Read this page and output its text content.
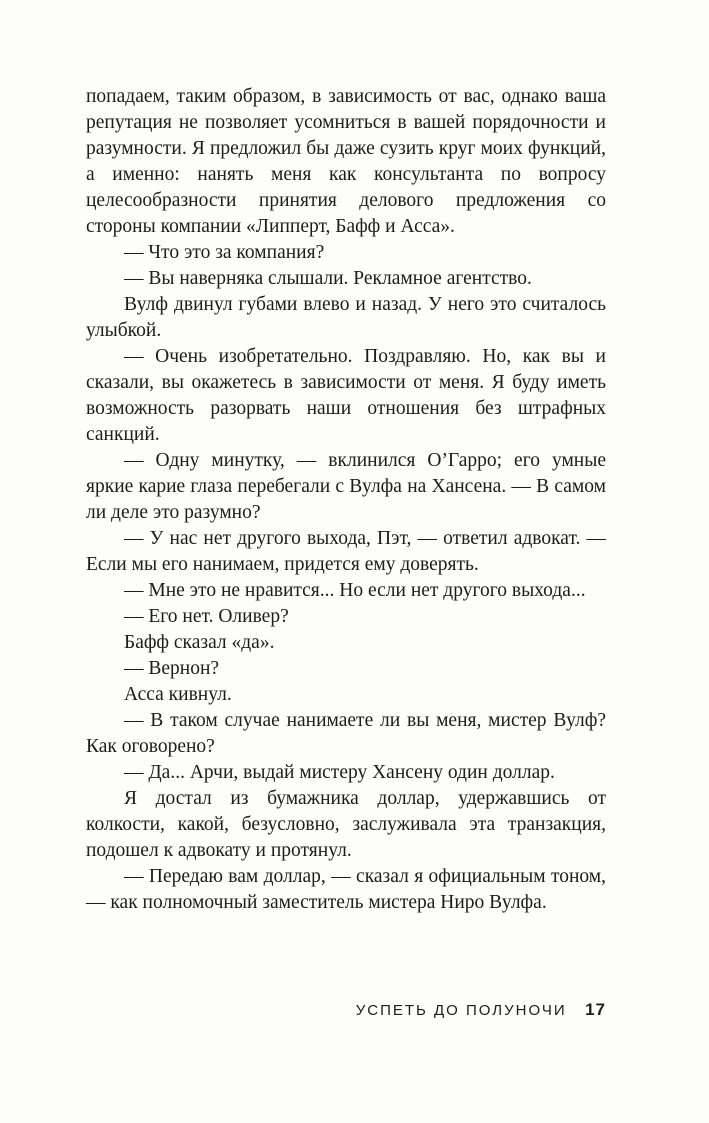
попадаем, таким образом, в зависимость от вас, однако ваша репутация не позволяет усомниться в вашей порядочности и разумности. Я предложил бы даже сузить круг моих функций, а именно: нанять меня как консультанта по вопросу целесообразности принятия делового предложения со стороны компании «Липперт, Бафф и Асса».

— Что это за компания?

— Вы наверняка слышали. Рекламное агентство.

Вулф двинул губами влево и назад. У него это считалось улыбкой.

— Очень изобретательно. Поздравляю. Но, как вы и сказали, вы окажетесь в зависимости от меня. Я буду иметь возможность разорвать наши отношения без штрафных санкций.

— Одну минутку, — вклинился О’Гарро; его умные яркие карие глаза перебегали с Вулфа на Хансена. — В самом ли деле это разумно?

— У нас нет другого выхода, Пэт, — ответил адвокат. — Если мы его нанимаем, придется ему доверять.

— Мне это не нравится... Но если нет другого выхода...

— Его нет. Оливер?

Бафф сказал «да».

— Вернон?

Асса кивнул.

— В таком случае нанимаете ли вы меня, мистер Вулф? Как оговорено?

— Да... Арчи, выдай мистеру Хансену один доллар.

Я достал из бумажника доллар, удержавшись от колкости, какой, безусловно, заслуживала эта транзакция, подошел к адвокату и протянул.

— Передаю вам доллар, — сказал я официальным тоном, — как полномочный заместитель мистера Ниро Вулфа.

УСПЕТЬ ДО ПОЛУНОЧИ 17
